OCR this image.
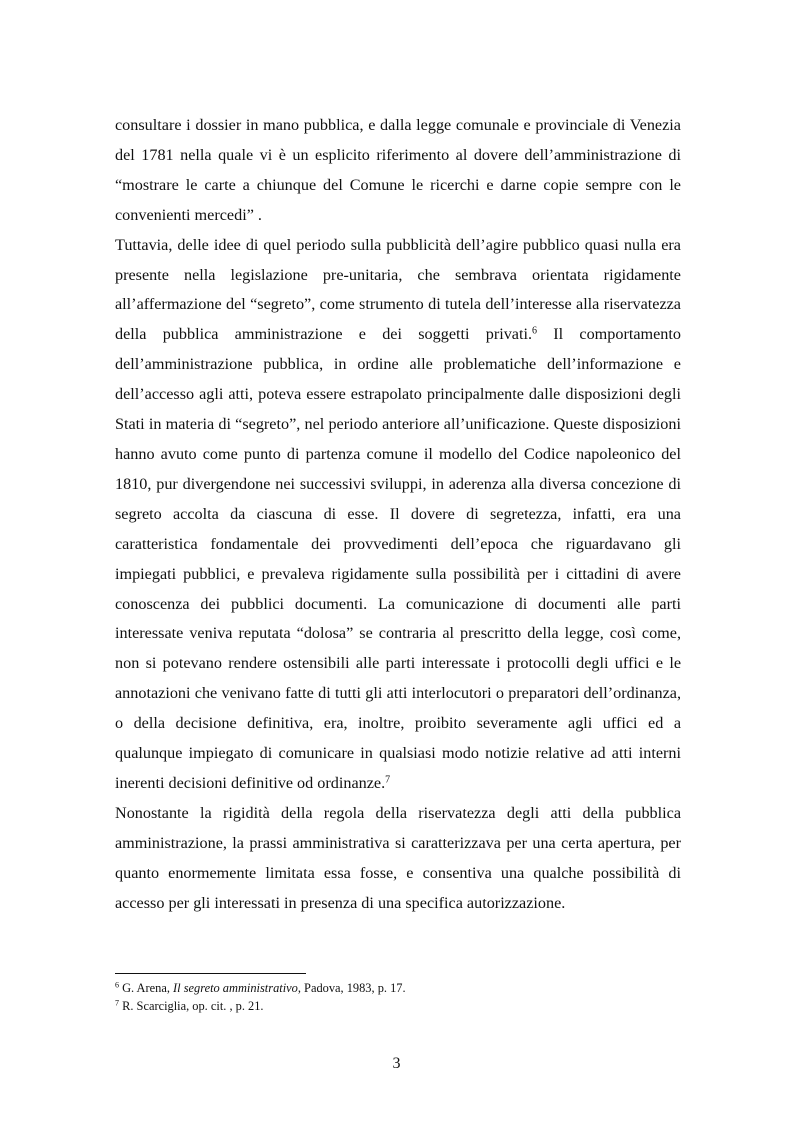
consultare i dossier in mano pubblica, e dalla legge comunale e provinciale di Venezia del 1781 nella quale vi è un esplicito riferimento al dovere dell’amministrazione di “mostrare le carte a chiunque del Comune le ricerchi e darne copie sempre con le convenienti mercedi” .

Tuttavia, delle idee di quel periodo sulla pubblicità dell’agire pubblico quasi nulla era presente nella legislazione pre-unitaria, che sembrava orientata rigidamente all’affermazione del “segreto”, come strumento di tutela dell’interesse alla riservatezza della pubblica amministrazione e dei soggetti privati.$^6$ Il comportamento dell’amministrazione pubblica, in ordine alle problematiche dell’informazione e dell’accesso agli atti, poteva essere estrapolato principalmente dalle disposizioni degli Stati in materia di “segreto”, nel periodo anteriore all’unificazione. Queste disposizioni hanno avuto come punto di partenza comune il modello del Codice napoleonico del 1810, pur divergendone nei successivi sviluppi, in aderenza alla diversa concezione di segreto accolta da ciascuna di esse. Il dovere di segretezza, infatti, era una caratteristica fondamentale dei provvedimenti dell’epoca che riguardavano gli impiegati pubblici, e prevaleva rigidamente sulla possibilità per i cittadini di avere conoscenza dei pubblici documenti. La comunicazione di documenti alle parti interessate veniva reputata “dolosa” se contraria al prescritto della legge, così come, non si potevano rendere ostensibili alle parti interessate i protocolli degli uffici e le annotazioni che venivano fatte di tutti gli atti interlocutori o preparatori dell’ordinanza, o della decisione definitiva, era, inoltre, proibito severamente agli uffici ed a qualunque impiegato di comunicare in qualsiasi modo notizie relative ad atti interni inerenti decisioni definitive od ordinanze.$^7$

Nonostante la rigidità della regola della riservatezza degli atti della pubblica amministrazione, la prassi amministrativa si caratterizzava per una certa apertura, per quanto enormemente limitata essa fosse, e consentiva una qualche possibilità di accesso per gli interessati in presenza di una specifica autorizzazione.

$^6$ G. Arena, Il segreto amministrativo, Padova, 1983, p. 17.

$^7$ R. Scarciglia, op. cit. , p. 21.

3
